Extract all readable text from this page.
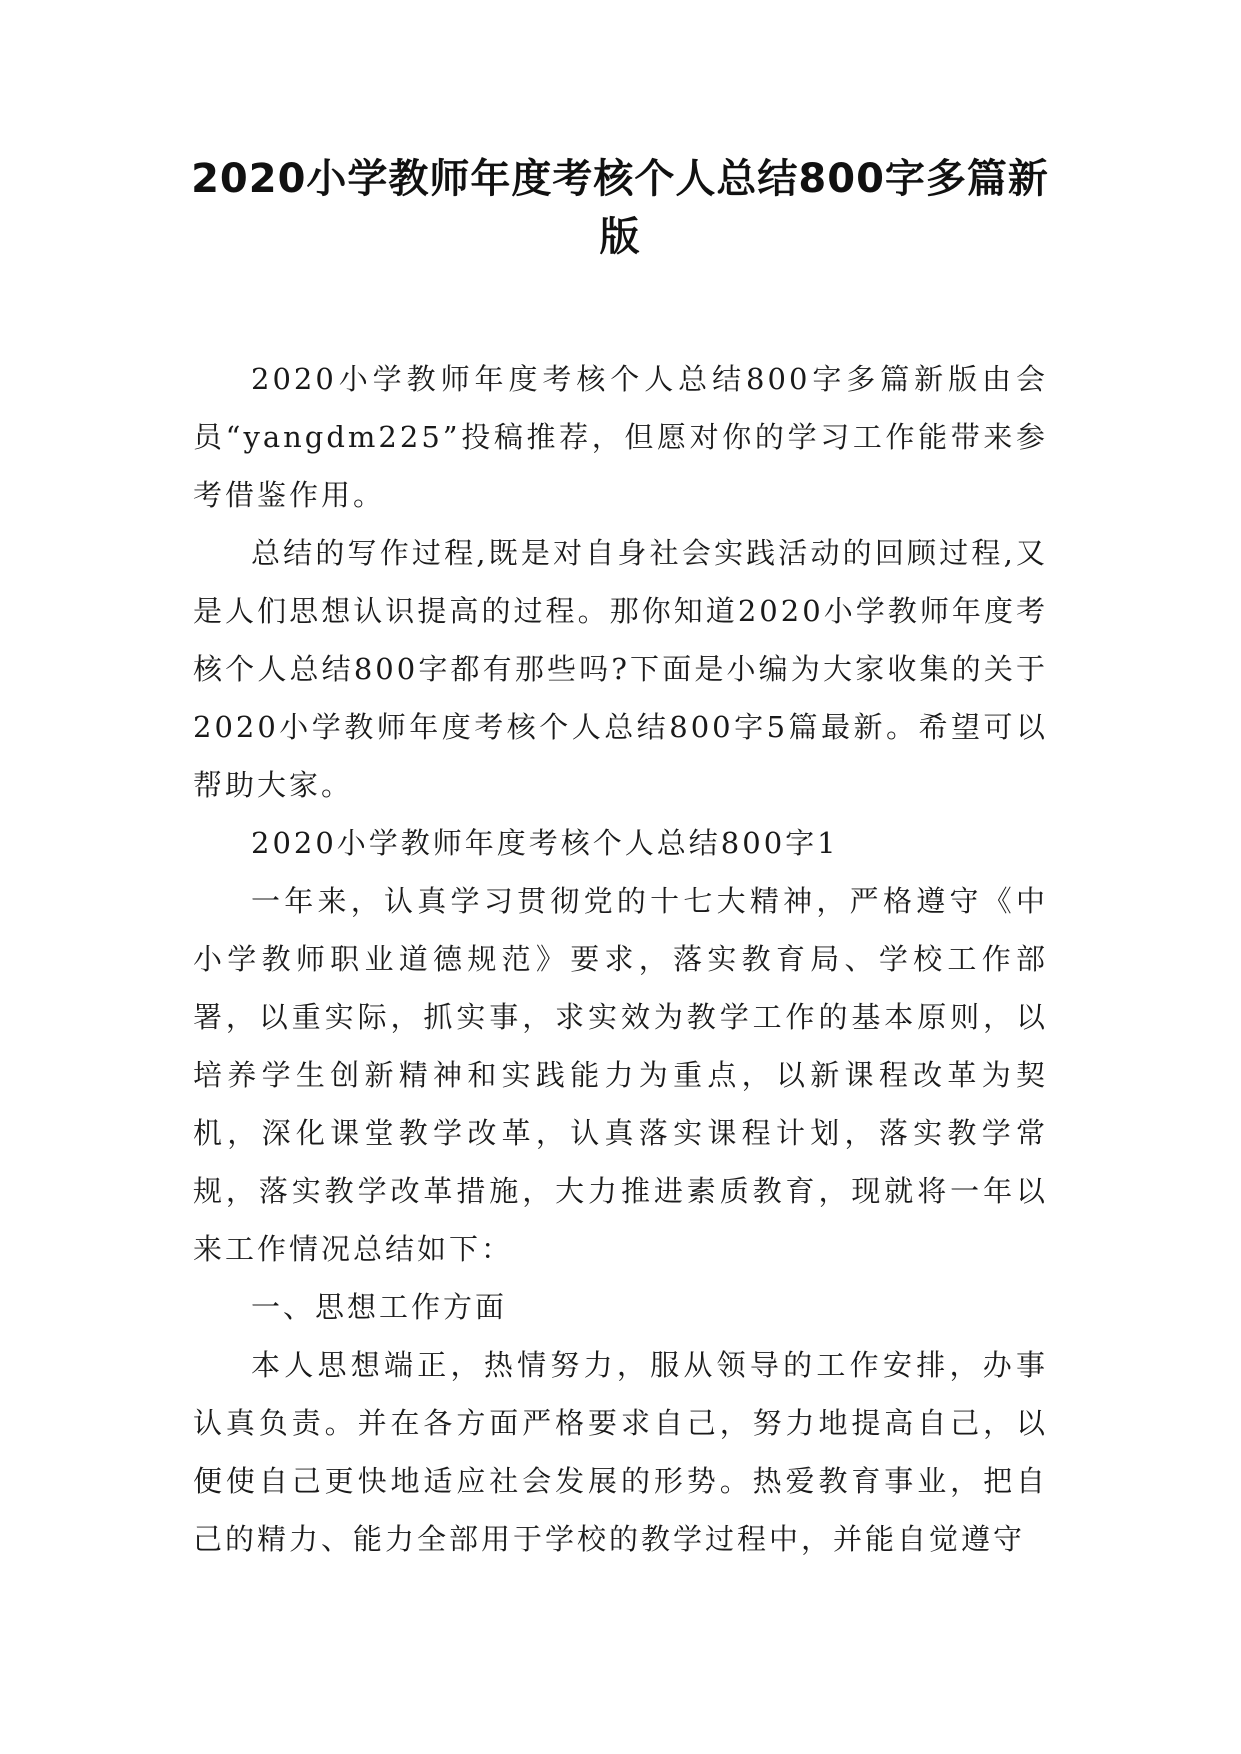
2020小学教师年度考核个人总结800字多篇新版

2020小学教师年度考核个人总结800字多篇新版由会员“yangdm225”投稿推荐，但愿对你的学习工作能带来参考借鉴作用。

总结的写作过程,既是对自身社会实践活动的回顾过程,又是人们思想认识提高的过程。那你知道2020小学教师年度考核个人总结800字都有那些吗?下面是小编为大家收集的关于2020小学教师年度考核个人总结800字5篇最新。希望可以帮助大家。

2020小学教师年度考核个人总结800字1

一年来，认真学习贯彻党的十七大精神，严格遵守《中小学教师职业道德规范》要求，落实教育局、学校工作部署，以重实际，抓实事，求实效为教学工作的基本原则，以培养学生创新精神和实践能力为重点，以新课程改革为契机，深化课堂教学改革，认真落实课程计划，落实教学常规，落实教学改革措施，大力推进素质教育，现就将一年以来工作情况总结如下：

一、思想工作方面

本人思想端正，热情努力，服从领导的工作安排，办事认真负责。并在各方面严格要求自己，努力地提高自己，以便使自己更快地适应社会发展的形势。热爱教育事业，把自己的精力、能力全部用于学校的教学过程中，并能自觉遵守
